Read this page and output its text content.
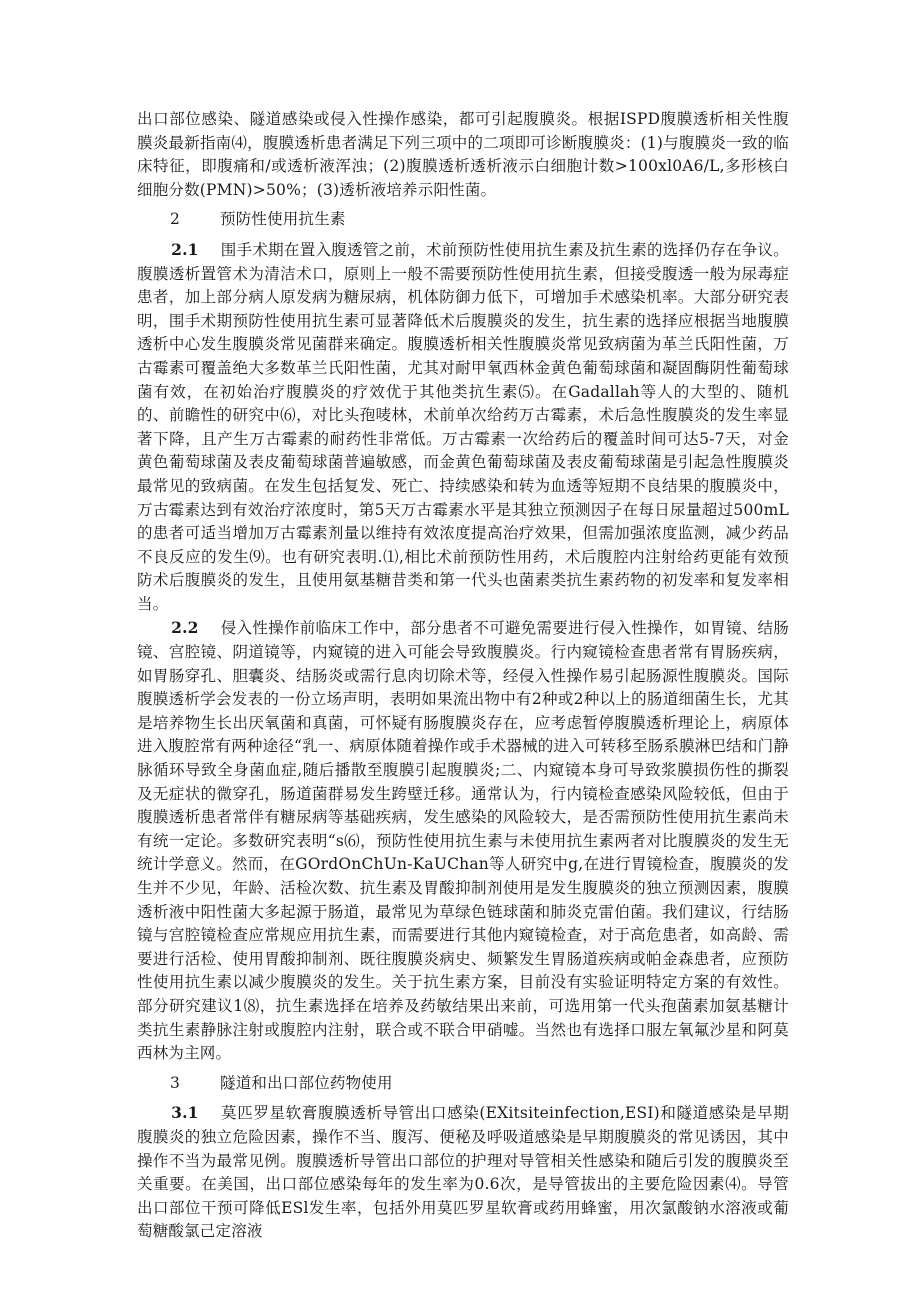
出口部位感染、隧道感染或侵入性操作感染，都可引起腹膜炎。根据ISPD腹膜透析相关性腹膜炎最新指南⑷，腹膜透析患者满足下列三项中的二项即可诊断腹膜炎：(1)与腹膜炎一致的临床特征，即腹痛和/或透析液浑浊；(2)腹膜透析透析液示白细胞计数>100xl0A6/L,多形核白细胞分数(PMN)>50%；(3)透析液培养示阳性菌。

2	预防性使用抗生素

2.1 围手术期在置入腹透管之前，术前预防性使用抗生素及抗生素的选择仍存在争议。腹膜透析置管术为清洁术口，原则上一般不需要预防性使用抗生素，但接受腹透一般为尿毒症患者，加上部分病人原发病为糖尿病，机体防御力低下，可增加手术感染机率。大部分研究表明，围手术期预防性使用抗生素可显著降低术后腹膜炎的发生，抗生素的选择应根据当地腹膜透析中心发生腹膜炎常见菌群来确定。腹膜透析相关性腹膜炎常见致病菌为革兰氏阳性菌，万古霉素可覆盖绝大多数革兰氏阳性菌，尤其对耐甲氧西林金黄色葡萄球菌和凝固酶阴性葡萄球菌有效，在初始治疗腹膜炎的疗效优于其他类抗生素⑸。在Gadallah等人的大型的、随机的、前瞻性的研究中⑹，对比头孢唛林，术前单次给药万古霉素，术后急性腹膜炎的发生率显著下降，且产生万古霉素的耐药性非常低。万古霉素一次给药后的覆盖时间可达5-7天，对金黄色葡萄球菌及表皮葡萄球菌普遍敏感，而金黄色葡萄球菌及表皮葡萄球菌是引起急性腹膜炎最常见的致病菌。在发生包括复发、死亡、持续感染和转为血透等短期不良结果的腹膜炎中，万古霉素达到有效治疗浓度时，第5天万古霉素水平是其独立预测因子在每日尿量超过500mL的患者可适当增加万古霉素剂量以维持有效浓度提高治疗效果，但需加强浓度监测，减少药品不良反应的发生⑼。也有研究表明.⑴,相比术前预防性用药，术后腹腔内注射给药更能有效预防术后腹膜炎的发生，且使用氨基糖昔类和第一代头也菌素类抗生素药物的初发率和复发率相当。

2.2 侵入性操作前临床工作中，部分患者不可避免需要进行侵入性操作，如胃镜、结肠镜、宫腔镜、阴道镜等，内窥镜的进入可能会导致腹膜炎。行内窥镜检查患者常有胃肠疾病，如胃肠穿孔、胆囊炎、结肠炎或需行息肉切除术等，经侵入性操作易引起肠源性腹膜炎。国际腹膜透析学会发表的一份立场声明，表明如果流出物中有2种或2种以上的肠道细菌生长，尤其是培养物生长出厌氧菌和真菌，可怀疑有肠腹膜炎存在，应考虑暂停腹膜透析理论上，病原体进入腹腔常有两种途径“乳一、病原体随着操作或手术器械的进入可转移至肠系膜淋巴结和门静脉循环导致全身菌血症,随后播散至腹膜引起腹膜炎;二、内窥镜本身可导致浆膜损伤性的撕裂及无症状的微穿孔，肠道菌群易发生跨壁迁移。通常认为，行内镜检查感染风险较低，但由于腹膜透析患者常伴有糖尿病等基础疾病，发生感染的风险较大，是否需预防性使用抗生素尚未有统一定论。多数研究表明“s⑹，预防性使用抗生素与未使用抗生素两者对比腹膜炎的发生无统计学意义。然而，在GOrdOnChUn-KaUChan等人研究中g,在进行胃镜检查，腹膜炎的发生并不少见，年龄、活检次数、抗生素及胃酸抑制剂使用是发生腹膜炎的独立预测因素，腹膜透析液中阳性菌大多起源于肠道，最常见为草绿色链球菌和肺炎克雷伯菌。我们建议，行结肠镜与宫腔镜检查应常规应用抗生素，而需要进行其他内窥镜检查，对于高危患者，如高龄、需要进行活检、使用胃酸抑制剂、既往腹膜炎病史、频繁发生胃肠道疾病或帕金森患者，应预防性使用抗生素以减少腹膜炎的发生。关于抗生素方案，目前没有实验证明特定方案的有效性。部分研究建议1⑻，抗生素选择在培养及药敏结果出来前，可选用第一代头孢菌素加氨基糖计类抗生素静脉注射或腹腔内注射，联合或不联合甲硝嘘。当然也有选择口服左氧氟沙星和阿莫西林为主网。

3	隧道和出口部位药物使用

3.1 莫匹罗星软膏腹膜透析导管出口感染(EXitsiteinfection,ESI)和隧道感染是早期腹膜炎的独立危险因素，操作不当、腹泻、便秘及呼吸道感染是早期腹膜炎的常见诱因，其中操作不当为最常见例。腹膜透析导管出口部位的护理对导管相关性感染和随后引发的腹膜炎至关重要。在美国，出口部位感染每年的发生率为0.6次，是导管拔出的主要危险因素⑷。导管出口部位干预可降低ESl发生率，包括外用莫匹罗星软膏或药用蜂蜜，用次氯酸钠水溶液或葡萄糖酸氯己定溶液
